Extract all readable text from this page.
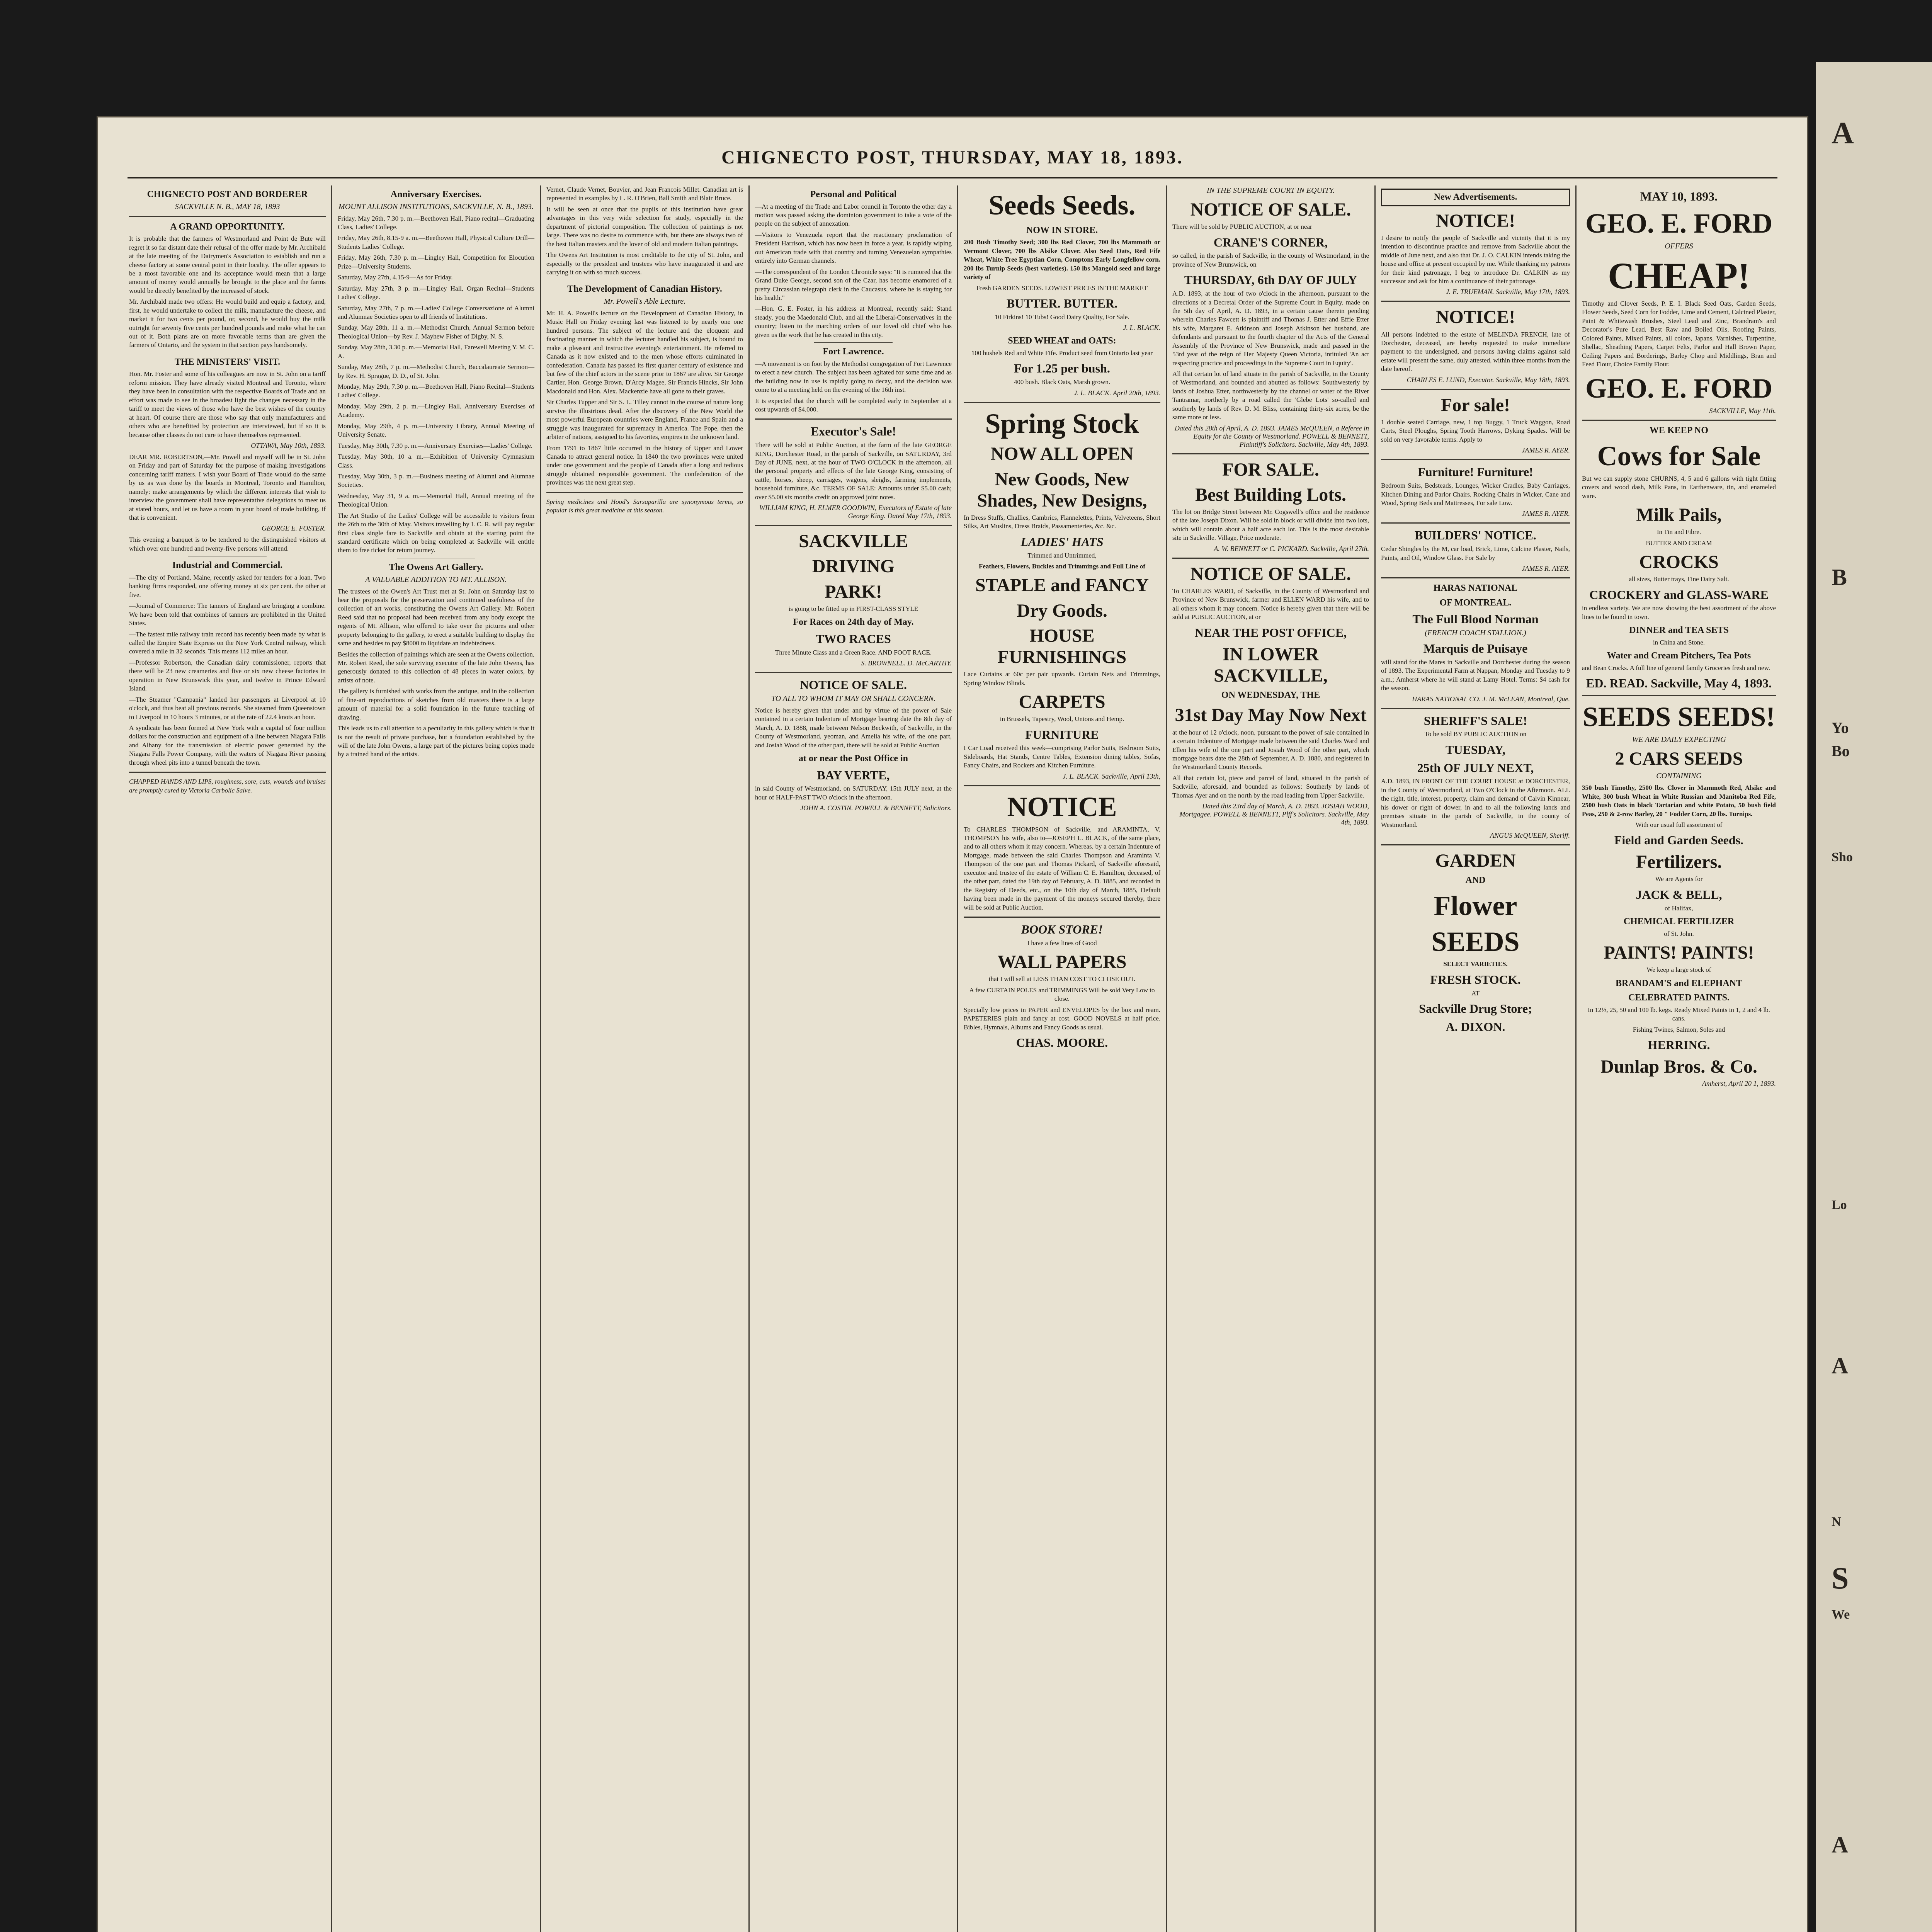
CHIGNECTO POST, THURSDAY, MAY 18, 1893.
CHIGNECTO POST AND BORDERER
SACKVILLE N. B., MAY 18, 1893
A GRAND OPPORTUNITY.

It is probable that the farmers of Westmorland and Point de Bute will regret it so far distant date their refusal of the offer made by Mr. Archibald at the late meeting of the Dairymen's Association to establish and run a cheese factory at some central point in their locality. The offer appears to be a most favorable one and its acceptance would mean that a large amount of money would annually be brought to the place and the farms would be directly benefited by the increased of stock.

Mr. Archibald made two offers: He would build and equip a factory, and, first, he would undertake to collect the milk, manufacture the cheese, and market it for two cents per pound, or, second, he would buy the milk outright for seventy five cents per hundred pounds and make what he can out of it. Both plans are on more favorable terms than are given the farmers of Ontario, and the system in that section pays handsomely.

THE MINISTERS' VISIT.

Hon. Mr. Foster and some of his colleagues are now in St. John on a tariff reform mission. They have already visited Montreal and Toronto, where they have been in consultation with the respective Boards of Trade and an effort was made to see in the broadest light the changes necessary in the tariff to meet the views of those who have the best wishes of the country at heart. Of course there are those who say that only manufacturers and others who are benefitted by protection are interviewed, but if so it is because other classes do not care to have themselves represented.

OTTAWA, May 10th, 1893.

DEAR MR. ROBERTSON,—Mr. Powell and myself will be in St. John on Friday and part of Saturday for the purpose of making investigations concerning tariff matters. I wish your Board of Trade would do the same by us as was done by the boards in Montreal, Toronto and Hamilton, namely: make arrangements by which the different interests that wish to interview the government shall have representative delegations to meet us at stated hours, and let us have a room in your board of trade building, if that is convenient.

GEORGE E. FOSTER.

This evening a banquet is to be tendered to the distinguished visitors at which over one hundred and twenty-five persons will attend.

Industrial and Commercial.

—The city of Portland, Maine, recently asked for tenders for a loan. Two banking firms responded, one offering money at six per cent. the other at five.

—Journal of Commerce: The tanners of England are bringing a combine. We have been told that combines of tanners are prohibited in the United States.

—The fastest mile railway train record has recently been made by what is called the Empire State Express on the New York Central railway, which covered a mile in 32 seconds. This means 112 miles an hour.

—Professor Robertson, the Canadian dairy commissioner, reports that there will be 23 new creameries and five or six new cheese factories in operation in New Brunswick this year, and twelve in Prince Edward Island.

—The Steamer "Campania" landed her passengers at Liverpool at 10 o'clock, and thus beat all previous records. She steamed from Queenstown to Liverpool in 10 hours 3 minutes, or at the rate of 22.4 knots an hour.

A syndicate has been formed at New York with a capital of four million dollars for the construction and equipment of a line between Niagara Falls and Albany for the transmission of electric power generated by the Niagara Falls Power Company, with the waters of Niagara River passing through wheel pits into a tunnel beneath the town.

CHAPPED HANDS AND LIPS, roughness, sore, cuts, wounds and bruises are promptly cured by Victoria Carbolic Salve.

Anniversary Exercises.
MOUNT ALLISON INSTITUTIONS, SACKVILLE, N. B., 1893.

Friday, May 26th, 7.30 p. m.—Beethoven Hall, Piano recital—Graduating Class, Ladies' College.

Friday, May 26th, 8.15-9 a. m.—Beethoven Hall, Physical Culture Drill—Students Ladies' College.

Friday, May 26th, 7.30 p. m.—Lingley Hall, Competition for Elocution Prize—University Students.

Saturday, May 27th, 4.15-9—As for Friday.

Saturday, May 27th, 3 p. m.—Lingley Hall, Organ Recital—Students Ladies' College.

Saturday, May 27th, 7 p. m.—Ladies' College Conversazione of Alumni and Alumnae Societies open to all friends of Institutions.

Sunday, May 28th, 11 a. m.—Methodist Church, Annual Sermon before Theological Union—by Rev. J. Mayhew Fisher of Digby, N. S.

Sunday, May 28th, 3.30 p. m.—Memorial Hall, Farewell Meeting Y. M. C. A.

Sunday, May 28th, 7 p. m.—Methodist Church, Baccalaureate Sermon—by Rev. H. Sprague, D. D., of St. John.

Monday, May 29th, 7.30 p. m.—Beethoven Hall, Piano Recital—Students Ladies' College.

Monday, May 29th, 2 p. m.—Lingley Hall, Anniversary Exercises of Academy.

Monday, May 29th, 4 p. m.—University Library, Annual Meeting of University Senate.

Tuesday, May 30th, 7.30 p. m.—Anniversary Exercises—Ladies' College.

Tuesday, May 30th, 10 a. m.—Exhibition of University Gymnasium Class.

Tuesday, May 30th, 3 p. m.—Business meeting of Alumni and Alumnae Societies.

Wednesday, May 31, 9 a. m.—Memorial Hall, Annual meeting of the Theological Union.

The Art Studio of the Ladies' College will be accessible to visitors from the 26th to the 30th of May. Visitors travelling by I. C. R. will pay regular first class single fare to Sackville and obtain at the starting point the standard certificate which on being completed at Sackville will entitle them to free ticket for return journey.

The Owens Art Gallery.
A VALUABLE ADDITION TO MT. ALLISON.

The trustees of the Owen's Art Trust met at St. John on Saturday last to hear the proposals for the preservation and continued usefulness of the collection of art works, constituting the Owens Art Gallery. Mr. Robert Reed said that no proposal had been received from any body except the regents of Mt. Allison, who offered to take over the pictures and other property belonging to the gallery, to erect a suitable building to display the same and besides to pay $8000 to liquidate an indebtedness.

Besides the collection of paintings which are seen at the Owens collection, Mr. Robert Reed, the sole surviving executor of the late John Owens, has generously donated to this collection of 48 pieces in water colors, by artists of note.

The gallery is furnished with works from the antique, and in the collection of fine-art reproductions of sketches from old masters there is a large amount of material for a solid foundation in the future teaching of drawing.

This leads us to call attention to a peculiarity in this gallery which is that it is not the result of private purchase, but a foundation established by the will of the late John Owens, a large part of the pictures being copies made by a trained hand of the artists.

Vernet, Claude Vernet, Bouvier, and Jean Francois Millet. Canadian art is represented in examples by L. R. O'Brien, Ball Smith and Blair Bruce.

It will be seen at once that the pupils of this institution have great advantages in this very wide selection for study, especially in the department of pictorial composition. The collection of paintings is not large. There was no desire to commence with, but there are always two of the best Italian masters and the lover of old and modern Italian paintings.

The Owens Art Institution is most creditable to the city of St. John, and especially to the president and trustees who have inaugurated it and are carrying it on with so much success.

The Development of Canadian History.
Mr. Powell's Able Lecture.

Mr. H. A. Powell's lecture on the Development of Canadian History, in Music Hall on Friday evening last was listened to by nearly one one hundred persons. The subject of the lecture and the eloquent and fascinating manner in which the lecturer handled his subject, is bound to make a pleasant and instructive evening's entertainment. He referred to Canada as it now existed and to the men whose efforts culminated in confederation. Canada has passed its first quarter century of existence and but few of the chief actors in the scene prior to 1867 are alive. Sir George Cartier, Hon. George Brown, D'Arcy Magee, Sir Francis Hincks, Sir John Macdonald and Hon. Alex. Mackenzie have all gone to their graves.

Sir Charles Tupper and Sir S. L. Tilley cannot in the course of nature long survive the illustrious dead. After the discovery of the New World the most powerful European countries were England, France and Spain and a struggle was inaugurated for supremacy in America. The Pope, then the arbiter of nations, assigned to his favorites, empires in the unknown land.

From 1791 to 1867 little occurred in the history of Upper and Lower Canada to attract general notice. In 1840 the two provinces were united under one government and the people of Canada after a long and tedious struggle obtained responsible government. The confederation of the provinces was the next great step.

Spring medicines and Hood's Sarsaparilla are synonymous terms, so popular is this great medicine at this season.

Personal and Political

—At a meeting of the Trade and Labor council in Toronto the other day a motion was passed asking the dominion government to take a vote of the people on the subject of annexation.

—Visitors to Venezuela report that the reactionary proclamation of President Harrison, which has now been in force a year, is rapidly wiping out American trade with that country and turning Venezuelan sympathies entirely into German channels.

—The correspondent of the London Chronicle says: "It is rumored that the Grand Duke George, second son of the Czar, has become enamored of a pretty Circassian telegraph clerk in the Caucasus, where he is staying for his health."

—Hon. G. E. Foster, in his address at Montreal, recently said: Stand steady, you the Maedonald Club, and all the Liberal-Conservatives in the country; listen to the marching orders of our loved old chief who has given us the work that he has created in this city.

Fort Lawrence.

—A movement is on foot by the Methodist congregation of Fort Lawrence to erect a new church. The subject has been agitated for some time and as the building now in use is rapidly going to decay, and the decision was come to at a meeting held on the evening of the 16th inst.

It is expected that the church will be completed early in September at a cost upwards of $4,000.

Executor's Sale!

There will be sold at Public Auction, at the farm of the late GEORGE KING, Dorchester Road, in the parish of Sackville, on SATURDAY, 3rd Day of JUNE, next, at the hour of TWO O'CLOCK in the afternoon, all the personal property and effects of the late George King, consisting of cattle, horses, sheep, carriages, wagons, sleighs, farming implements, household furniture, &c. TERMS OF SALE: Amounts under $5.00 cash; over $5.00 six months credit on approved joint notes.

WILLIAM KING, H. ELMER GOODWIN, Executors of Estate of late George King. Dated May 17th, 1893.
SACKVILLE
DRIVING
PARK!

is going to be fitted up in FIRST-CLASS STYLE

For Races on 24th day of May.
TWO RACES

Three Minute Class and a Green Race. AND FOOT RACE.

S. BROWNELL. D. McCARTHY.
NOTICE OF SALE.
TO ALL TO WHOM IT MAY OR SHALL CONCERN.

Notice is hereby given that under and by virtue of the power of Sale contained in a certain Indenture of Mortgage bearing date the 8th day of March, A. D. 1888, made between Nelson Beckwith, of Sackville, in the County of Westmorland, yeoman, and Amelia his wife, of the one part, and Josiah Wood of the other part, there will be sold at Public Auction

at or near the Post Office in
BAY VERTE,

in said County of Westmorland, on SATURDAY, 15th JULY next, at the hour of HALF-PAST TWO o'clock in the afternoon.

JOHN A. COSTIN. POWELL & BENNETT, Solicitors.
Seeds Seeds.
NOW IN STORE.

200 Bush Timothy Seed; 300 lbs Red Clover, 700 lbs Mammoth or Vermont Clover, 700 lbs Alsike Clover. Also Seed Oats, Red Fife Wheat, White Tree Egyptian Corn, Comptons Early Longfellow corn. 200 lbs Turnip Seeds (best varieties). 150 lbs Mangold seed and large variety of

Fresh GARDEN SEEDS. LOWEST PRICES IN THE MARKET

BUTTER. BUTTER.

10 Firkins! 10 Tubs! Good Dairy Quality, For Sale.

J. L. BLACK.
SEED WHEAT and OATS:

100 bushels Red and White Fife. Product seed from Ontario last year

For 1.25 per bush.

400 bush. Black Oats, Marsh grown.

J. L. BLACK. April 20th, 1893.
Spring Stock
NOW ALL OPEN
New Goods, New Shades, New Designs,

In Dress Stuffs, Challies, Cambrics, Flannelettes, Prints, Velveteens, Short Silks, Art Muslins, Dress Braids, Passamenteries, &c. &c.

LADIES' HATS

Trimmed and Untrimmed,

Feathers, Flowers, Buckles and Trimmings and Full Line of

STAPLE and FANCY
Dry Goods.
HOUSE FURNISHINGS

Lace Curtains at 60c per pair upwards. Curtain Nets and Trimmings, Spring Window Blinds.

CARPETS

in Brussels, Tapestry, Wool, Unions and Hemp.

FURNITURE

I Car Load received this week—comprising Parlor Suits, Bedroom Suits, Sideboards, Hat Stands, Centre Tables, Extension dining tables, Sofas, Fancy Chairs, and Rockers and Kitchen Furniture.

J. L. BLACK. Sackville, April 13th,
NOTICE

To CHARLES THOMPSON of Sackville, and ARAMINTA, V. THOMPSON his wife, also to—JOSEPH L. BLACK, of the same place, and to all others whom it may concern. Whereas, by a certain Indenture of Mortgage, made between the said Charles Thompson and Araminta V. Thompson of the one part and Thomas Pickard, of Sackville aforesaid, executor and trustee of the estate of William C. E. Hamilton, deceased, of the other part, dated the 19th day of February, A. D. 1885, and recorded in the Registry of Deeds, etc., on the 10th day of March, 1885, Default having been made in the payment of the moneys secured thereby, there will be sold at Public Auction.

BOOK STORE!

I have a few lines of Good

WALL PAPERS

that I will sell at LESS THAN COST TO CLOSE OUT.

A few CURTAIN POLES and TRIMMINGS Will be sold Very Low to close.

Specially low prices in PAPER and ENVELOPES by the box and ream. PAPETERIES plain and fancy at cost. GOOD NOVELS at half price. Bibles, Hymnals, Albums and Fancy Goods as usual.

CHAS. MOORE.
IN THE SUPREME COURT IN EQUITY.
NOTICE OF SALE.

There will be sold by PUBLIC AUCTION, at or near

CRANE'S CORNER,

so called, in the parish of Sackville, in the county of Westmorland, in the province of New Brunswick, on

THURSDAY, 6th DAY OF JULY

A.D. 1893, at the hour of two o'clock in the afternoon, pursuant to the directions of a Decretal Order of the Supreme Court in Equity, made on the 5th day of April, A. D. 1893, in a certain cause therein pending wherein Charles Fawcett is plaintiff and Thomas J. Etter and Effie Etter his wife, Margaret E. Atkinson and Joseph Atkinson her husband, are defendants and pursuant to the fourth chapter of the Acts of the General Assembly of the Province of New Brunswick, made and passed in the 53rd year of the reign of Her Majesty Queen Victoria, intituled 'An act respecting practice and proceedings in the Supreme Court in Equity'.

All that certain lot of land situate in the parish of Sackville, in the County of Westmorland, and bounded and abutted as follows: Southwesterly by lands of Joshua Etter, northwesterly by the channel or water of the River Tantramar, northerly by a road called the 'Glebe Lots' so-called and southerly by lands of Rev. D. M. Bliss, containing thirty-six acres, be the same more or less.

Dated this 28th of April, A. D. 1893. JAMES McQUEEN, a Referee in Equity for the County of Westmorland. POWELL & BENNETT, Plaintiff's Solicitors. Sackville, May 4th, 1893.
FOR SALE.
Best Building Lots.

The lot on Bridge Street between Mr. Cogswell's office and the residence of the late Joseph Dixon. Will be sold in block or will divide into two lots, which will contain about a half acre each lot. This is the most desirable site in Sackville. Village, Price moderate.

A. W. BENNETT or C. PICKARD. Sackville, April 27th.
NOTICE OF SALE.

To CHARLES WARD, of Sackville, in the County of Westmorland and Province of New Brunswick, farmer and ELLEN WARD his wife, and to all others whom it may concern. Notice is hereby given that there will be sold at PUBLIC AUCTION, at or

NEAR THE POST OFFICE,
IN LOWER SACKVILLE,
ON WEDNESDAY, THE
31st Day May Now Next

at the hour of 12 o'clock, noon, pursuant to the power of sale contained in a certain Indenture of Mortgage made between the said Charles Ward and Ellen his wife of the one part and Josiah Wood of the other part, which mortgage bears date the 28th of September, A. D. 1880, and registered in the Westmorland County Records.

All that certain lot, piece and parcel of land, situated in the parish of Sackville, aforesaid, and bounded as follows: Southerly by lands of Thomas Ayer and on the north by the road leading from Upper Sackville.

Dated this 23rd day of March, A. D. 1893. JOSIAH WOOD, Mortgagee. POWELL & BENNETT, Plff's Solicitors. Sackville, May 4th, 1893.
New Advertisements.
NOTICE!

I desire to notify the people of Sackville and vicinity that it is my intention to discontinue practice and remove from Sackville about the middle of June next, and also that Dr. J. O. CALKIN intends taking the house and office at present occupied by me. While thanking my patrons for their kind patronage, I beg to introduce Dr. CALKIN as my successor and ask for him a continuance of their patronage.

J. E. TRUEMAN. Sackville, May 17th, 1893.
NOTICE!

All persons indebted to the estate of MELINDA FRENCH, late of Dorchester, deceased, are hereby requested to make immediate payment to the undersigned, and persons having claims against said estate will present the same, duly attested, within three months from the date hereof.

CHARLES E. LUND, Executor. Sackville, May 18th, 1893.
For sale!

1 double seated Carriage, new, 1 top Buggy, 1 Truck Waggon, Road Carts, Steel Ploughs, Spring Tooth Harrows, Dyking Spades. Will be sold on very favorable terms. Apply to

JAMES R. AYER.
Furniture! Furniture!

Bedroom Suits, Bedsteads, Lounges, Wicker Cradles, Baby Carriages, Kitchen Dining and Parlor Chairs, Rocking Chairs in Wicker, Cane and Wood, Spring Beds and Mattresses, For sale Low.

JAMES R. AYER.
BUILDERS' NOTICE.

Cedar Shingles by the M, car load, Brick, Lime, Calcine Plaster, Nails, Paints, and Oil, Window Glass. For Sale by

JAMES R. AYER.
HARAS NATIONAL
OF MONTREAL.
The Full Blood Norman
(FRENCH COACH STALLION.)
Marquis de Puisaye

will stand for the Mares in Sackville and Dorchester during the season of 1893. The Experimental Farm at Nappan, Monday and Tuesday to 9 a.m.; Amherst where he will stand at Lamy Hotel. Terms: $4 cash for the season.

HARAS NATIONAL CO. J. M. McLEAN, Montreal, Que.
SHERIFF'S SALE!

To be sold BY PUBLIC AUCTION on

TUESDAY,
25th OF JULY NEXT,

A.D. 1893, IN FRONT OF THE COURT HOUSE at DORCHESTER, in the County of Westmorland, at Two O'Clock in the Afternoon. ALL the right, title, interest, property, claim and demand of Calvin Kinnear, his dower or right of dower, in and to all the following lands and premises situate in the parish of Sackville, in the county of Westmorland.

ANGUS McQUEEN, Sheriff.
GARDEN
AND
Flower
SEEDS

SELECT VARIETIES.

FRESH STOCK.

AT

Sackville Drug Store;
A. DIXON.
MAY 10, 1893.
GEO. E. FORD
OFFERS
CHEAP!

Timothy and Clover Seeds, P. E. I. Black Seed Oats, Garden Seeds, Flower Seeds, Seed Corn for Fodder, Lime and Cement, Calcined Plaster, Paint & Whitewash Brushes, Steel Lead and Zinc, Brandram's and Decorator's Pure Lead, Best Raw and Boiled Oils, Roofing Paints, Colored Paints, Mixed Paints, all colors, Japans, Varnishes, Turpentine, Shellac, Sheathing Papers, Carpet Felts, Parlor and Hall Brown Paper, Ceiling Papers and Borderings, Barley Chop and Middlings, Bran and Feed Flour, Choice Family Flour.

GEO. E. FORD
SACKVILLE, May 11th.
WE KEEP NO
Cows for Sale

But we can supply stone CHURNS, 4, 5 and 6 gallons with tight fitting covers and wood dash, Milk Pans, in Earthenware, tin, and enameled ware.

Milk Pails,

In Tin and Fibre.

BUTTER AND CREAM

CROCKS

all sizes, Butter trays, Fine Dairy Salt.

CROCKERY and GLASS-WARE

in endless variety. We are now showing the best assortment of the above lines to be found in town.

DINNER and TEA SETS

in China and Stone.

Water and Cream Pitchers, Tea Pots

and Bean Crocks. A full line of general family Groceries fresh and new.

ED. READ. Sackville, May 4, 1893.
SEEDS SEEDS!
WE ARE DAILY EXPECTING
2 CARS SEEDS
CONTAINING

350 bush Timothy, 2500 lbs. Clover in Mammoth Red, Alsike and White, 300 bush Wheat in White Russian and Manitoba Red Fife, 2500 bush Oats in black Tartarian and white Potato, 50 bush field Peas, 250 & 2-row Barley, 20 " Fodder Corn, 20 lbs. Turnips.

With our usual full assortment of

Field and Garden Seeds.
Fertilizers.

We are Agents for

JACK & BELL,

of Halifax,

CHEMICAL FERTILIZER

of St. John.

PAINTS! PAINTS!

We keep a large stock of

BRANDAM'S and ELEPHANT
CELEBRATED PAINTS.

In 12½, 25, 50 and 100 lb. kegs. Ready Mixed Paints in 1, 2 and 4 lb. cans.

Fishing Twines, Salmon, Soles and

HERRING.
Dunlap Bros. & Co.
Amherst, April 20 1, 1893.
A
B
Yo
Bo
Sho
Lo
A
N
S
We
A
